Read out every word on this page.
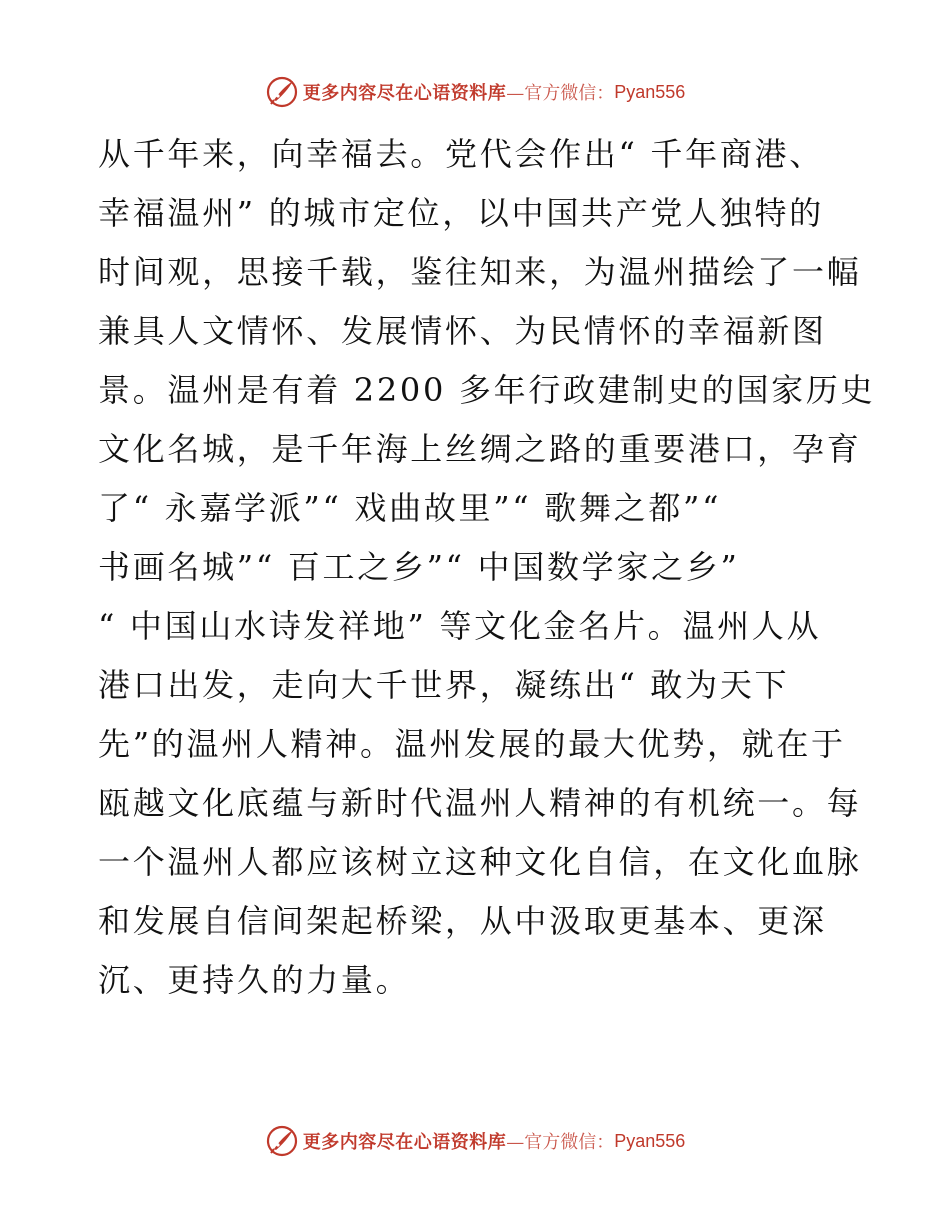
更多内容尽在心语资料库 —官方微信： Pyan556
从千年来，向幸福去。党代会作出“ 千年商港、
幸福温州” 的城市定位，以中国共产党人独特的
时间观，思接千载，鉴往知来，为温州描绘了一幅
兼具人文情怀、发展情怀、为民情怀的幸福新图
景。温州是有着 2200 多年行政建制史的国家历史
文化名城，是千年海上丝绸之路的重要港口，孕育
了“ 永嘉学派”“ 戏曲故里”“ 歌舞之都”“
书画名城”“ 百工之乡”“ 中国数学家之乡”
“ 中国山水诗发祥地” 等文化金名片。温州人从
港口出发，走向大千世界，凝练出“ 敢为天下
先”的温州人精神。温州发展的最大优势，就在于
瓯越文化底蕴与新时代温州人精神的有机统一。每
一个温州人都应该树立这种文化自信，在文化血脉
和发展自信间架起桥梁，从中汲取更基本、更深
沉、更持久的力量。
更多内容尽在心语资料库 —官方微信： Pyan556
